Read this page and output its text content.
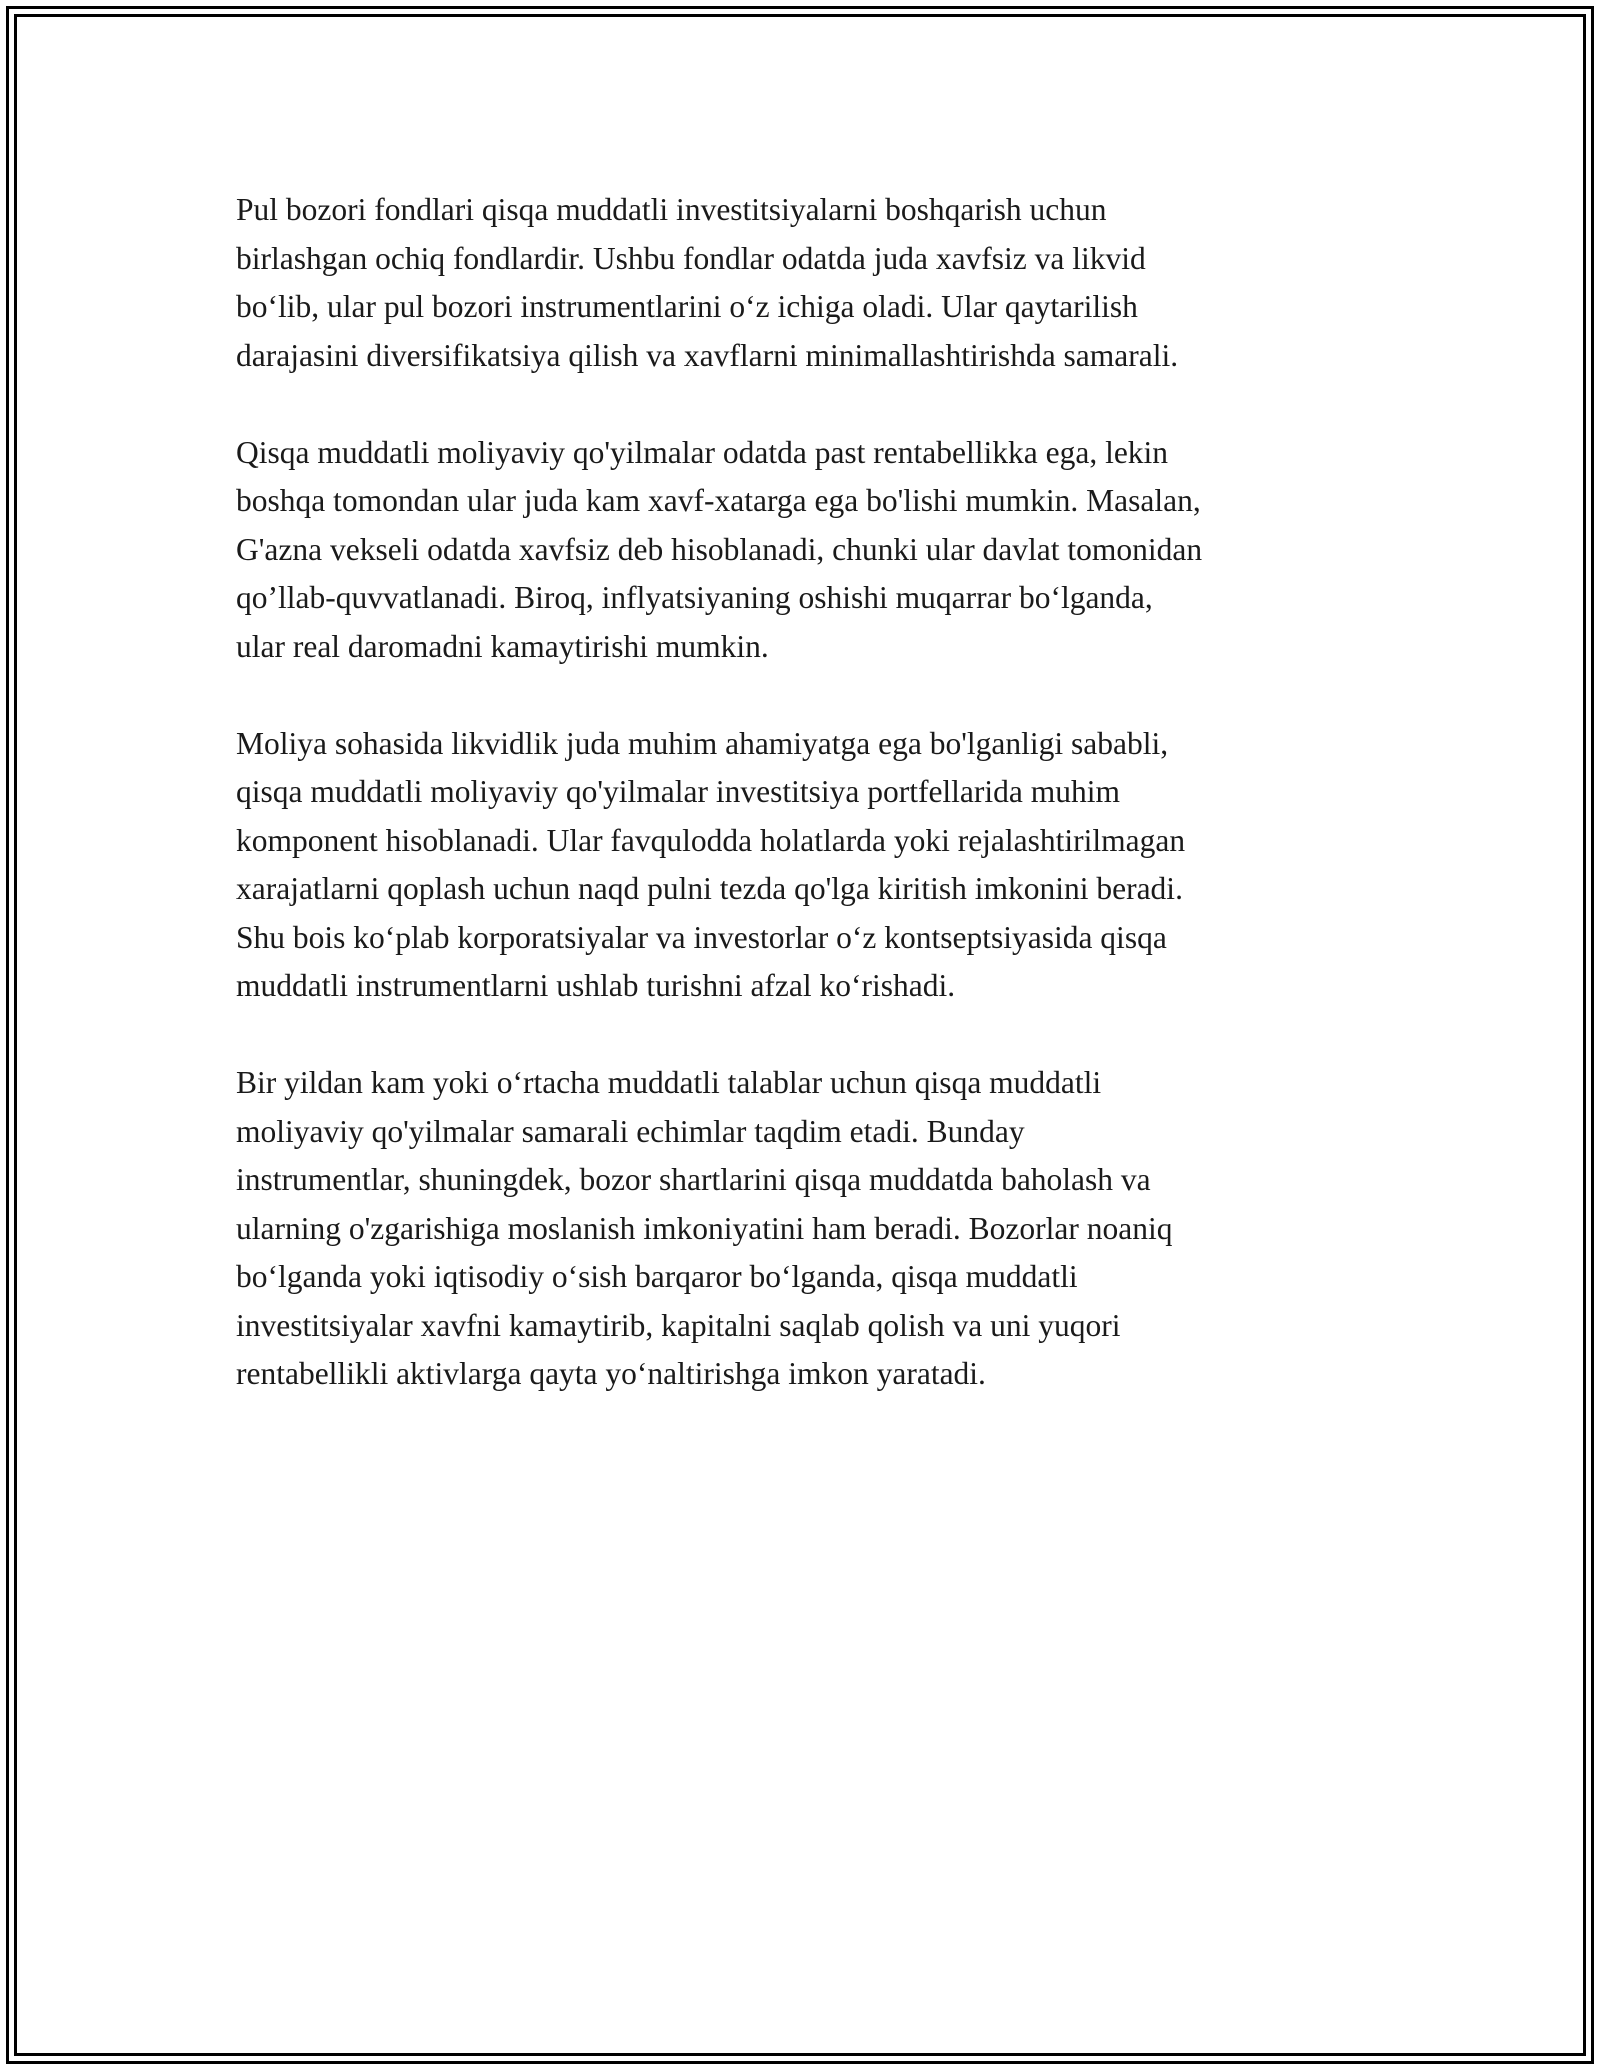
Pul bozori fondlari qisqa muddatli investitsiyalarni boshqarish uchun
birlashgan ochiq fondlardir. Ushbu fondlar odatda juda xavfsiz va likvid
bo‘lib, ular pul bozori instrumentlarini o‘z ichiga oladi. Ular qaytarilish
darajasini diversifikatsiya qilish va xavflarni minimallashtirishda samarali.

Qisqa muddatli moliyaviy qo'yilmalar odatda past rentabellikka ega, lekin
boshqa tomondan ular juda kam xavf-xatarga ega bo'lishi mumkin. Masalan,
G'azna vekseli odatda xavfsiz deb hisoblanadi, chunki ular davlat tomonidan
qo’llab-quvvatlanadi. Biroq, inflyatsiyaning oshishi muqarrar bo‘lganda,
ular real daromadni kamaytirishi mumkin.

Moliya sohasida likvidlik juda muhim ahamiyatga ega bo'lganligi sababli,
qisqa muddatli moliyaviy qo'yilmalar investitsiya portfellarida muhim
komponent hisoblanadi. Ular favqulodda holatlarda yoki rejalashtirilmagan
xarajatlarni qoplash uchun naqd pulni tezda qo'lga kiritish imkonini beradi.
Shu bois ko‘plab korporatsiyalar va investorlar o‘z kontseptsiyasida qisqa
muddatli instrumentlarni ushlab turishni afzal ko‘rishadi.

Bir yildan kam yoki o‘rtacha muddatli talablar uchun qisqa muddatli
moliyaviy qo'yilmalar samarali echimlar taqdim etadi. Bunday
instrumentlar, shuningdek, bozor shartlarini qisqa muddatda baholash va
ularning o'zgarishiga moslanish imkoniyatini ham beradi. Bozorlar noaniq
bo‘lganda yoki iqtisodiy o‘sish barqaror bo‘lganda, qisqa muddatli
investitsiyalar xavfni kamaytirib, kapitalni saqlab qolish va uni yuqori
rentabellikli aktivlarga qayta yo‘naltirishga imkon yaratadi.
